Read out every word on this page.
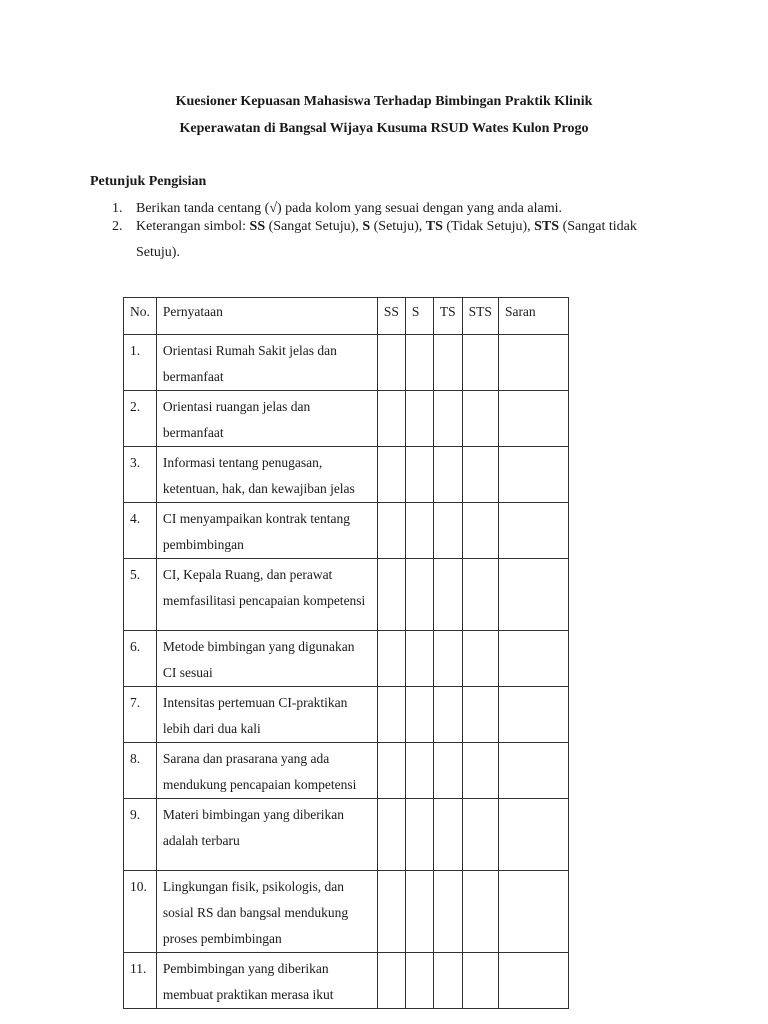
Kuesioner Kepuasan Mahasiswa Terhadap Bimbingan Praktik Klinik
Keperawatan di Bangsal Wijaya Kusuma RSUD Wates Kulon Progo
Petunjuk Pengisian
1. Berikan tanda centang (√) pada kolom yang sesuai dengan yang anda alami.
2. Keterangan simbol: SS (Sangat Setuju), S (Setuju), TS (Tidak Setuju), STS (Sangat tidak
Setuju).
No.	Pernyataan	SS	S	TS	STS	Saran
1.	Orientasi Rumah Sakit jelas dan bermanfaat					
2.	Orientasi ruangan jelas dan bermanfaat					
3.	Informasi tentang penugasan, ketentuan, hak, dan kewajiban jelas					
4.	CI menyampaikan kontrak tentang pembimbingan					
5.	CI, Kepala Ruang, dan perawat memfasilitasi pencapaian kompetensi					
6.	Metode bimbingan yang digunakan CI sesuai					
7.	Intensitas pertemuan CI-praktikan lebih dari dua kali					
8.	Sarana dan prasarana yang ada mendukung pencapaian kompetensi					
9.	Materi bimbingan yang diberikan adalah terbaru					
10.	Lingkungan fisik, psikologis, dan sosial RS dan bangsal mendukung proses pembimbingan					
11.	Pembimbingan yang diberikan membuat praktikan merasa ikut					
